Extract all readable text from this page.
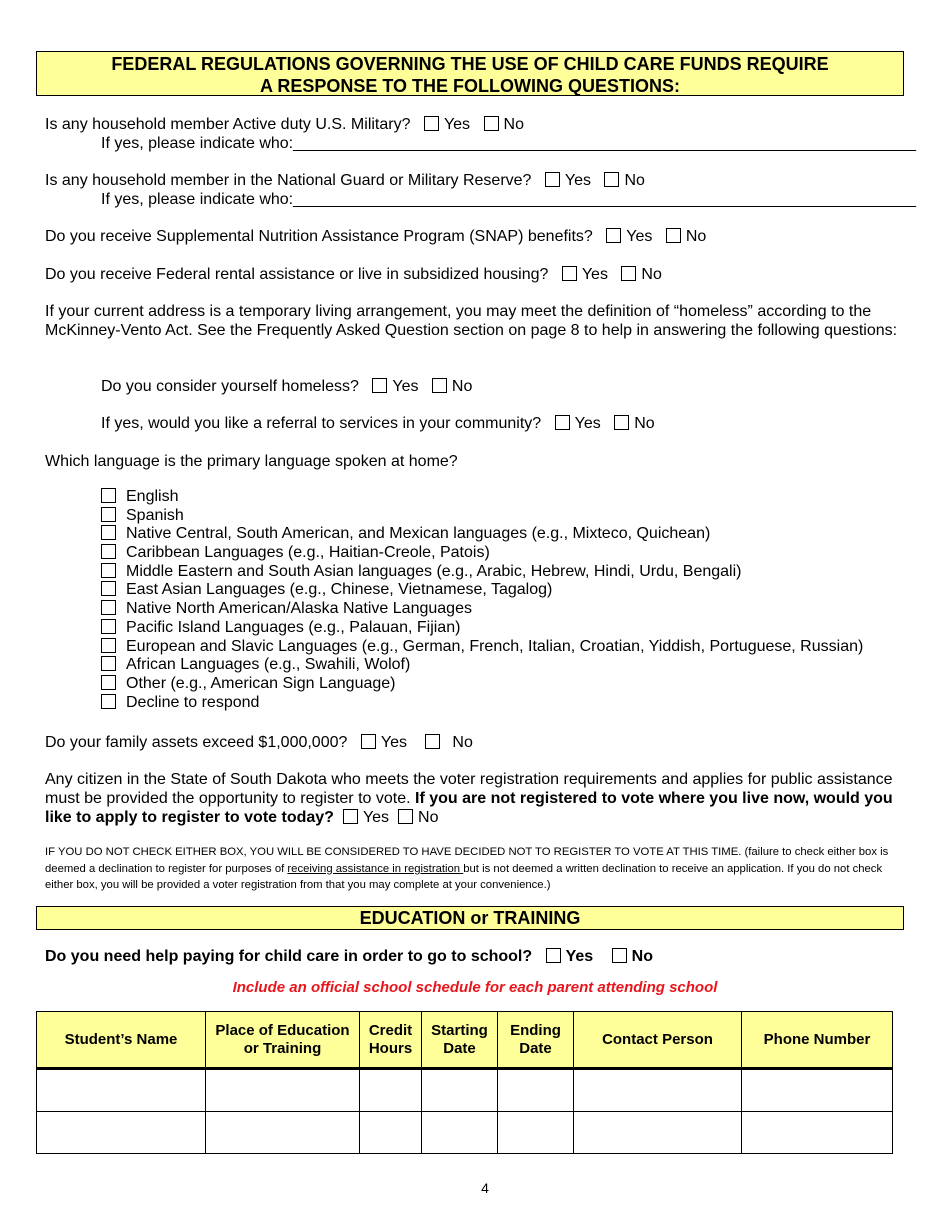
FEDERAL REGULATIONS GOVERNING THE USE OF CHILD CARE FUNDS REQUIRE
A RESPONSE TO THE FOLLOWING QUESTIONS:
Is any household member Active duty U.S. Military? Yes No
If yes, please indicate who:______________________________________________________________________
Is any household member in the National Guard or Military Reserve? Yes No
If yes, please indicate who:______________________________________________________________________
Do you receive Supplemental Nutrition Assistance Program (SNAP) benefits? Yes No
Do you receive Federal rental assistance or live in subsidized housing? Yes No
If your current address is a temporary living arrangement, you may meet the definition of “homeless” according to the McKinney-Vento Act. See the Frequently Asked Question section on page 8 to help in answering the following questions:
Do you consider yourself homeless? Yes No
If yes, would you like a referral to services in your community? Yes No
Which language is the primary language spoken at home?
English
Spanish
Native Central, South American, and Mexican languages (e.g., Mixteco, Quichean)
Caribbean Languages (e.g., Haitian-Creole, Patois)
Middle Eastern and South Asian languages (e.g., Arabic, Hebrew, Hindi, Urdu, Bengali)
East Asian Languages (e.g., Chinese, Vietnamese, Tagalog)
Native North American/Alaska Native Languages
Pacific Island Languages (e.g., Palauan, Fijian)
European and Slavic Languages (e.g., German, French, Italian, Croatian, Yiddish, Portuguese, Russian)
African Languages (e.g., Swahili, Wolof)
Other (e.g., American Sign Language)
Decline to respond
Do your family assets exceed $1,000,000? Yes	No
Any citizen in the State of South Dakota who meets the voter registration requirements and applies for public assistance must be provided the opportunity to register to vote. If you are not registered to vote where you live now, would you like to apply to register to vote today? Yes No
IF YOU DO NOT CHECK EITHER BOX, YOU WILL BE CONSIDERED TO HAVE DECIDED NOT TO REGISTER TO VOTE AT THIS TIME. (failure to check either box is deemed a declination to register for purposes of receiving assistance in registration but is not deemed a written declination to receive an application. If you do not check either box, you will be provided a voter registration from that you may complete at your convenience.)
EDUCATION or TRAINING
Do you need help paying for child care in order to go to school? Yes No
Include an official school schedule for each parent attending school
Student’s Name	Place of Education or Training	Credit Hours	Starting Date	Ending Date	Contact Person	Phone Number

4
